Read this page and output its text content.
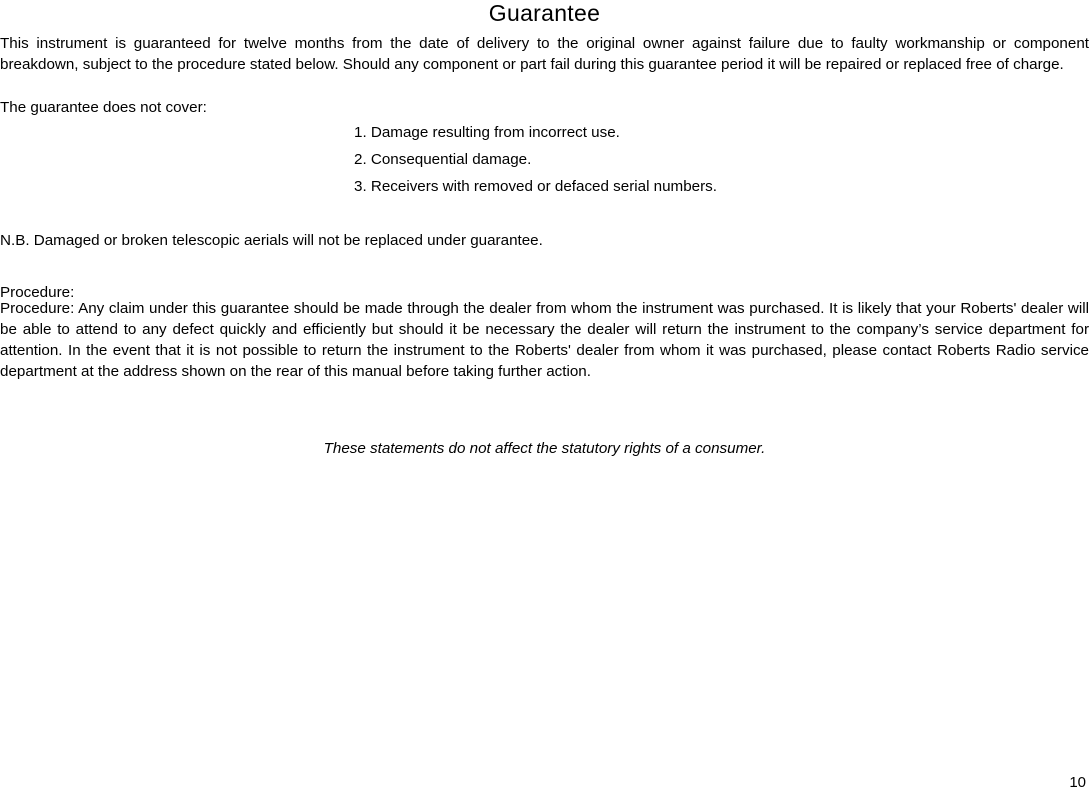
Guarantee

This instrument is guaranteed for twelve months from the date of delivery to the original owner against failure due to faulty workmanship or component breakdown, subject to the procedure stated below. Should any component or part fail during this guarantee period it will be repaired or replaced free of charge.

The guarantee does not cover:

1. Damage resulting from incorrect use.
2. Consequential damage.
3. Receivers with removed or defaced serial numbers.

N.B. Damaged or broken telescopic aerials will not be replaced under guarantee.

Procedure:

Procedure: Any claim under this guarantee should be made through the dealer from whom the instrument was purchased. It is likely that your Roberts' dealer will be able to attend to any defect quickly and efficiently but should it be necessary the dealer will return the instrument to the company’s service department for attention. In the event that it is not possible to return the instrument to the Roberts' dealer from whom it was purchased, please contact Roberts Radio service department at the address shown on the rear of this manual before taking further action.

These statements do not affect the statutory rights of a consumer.
10
